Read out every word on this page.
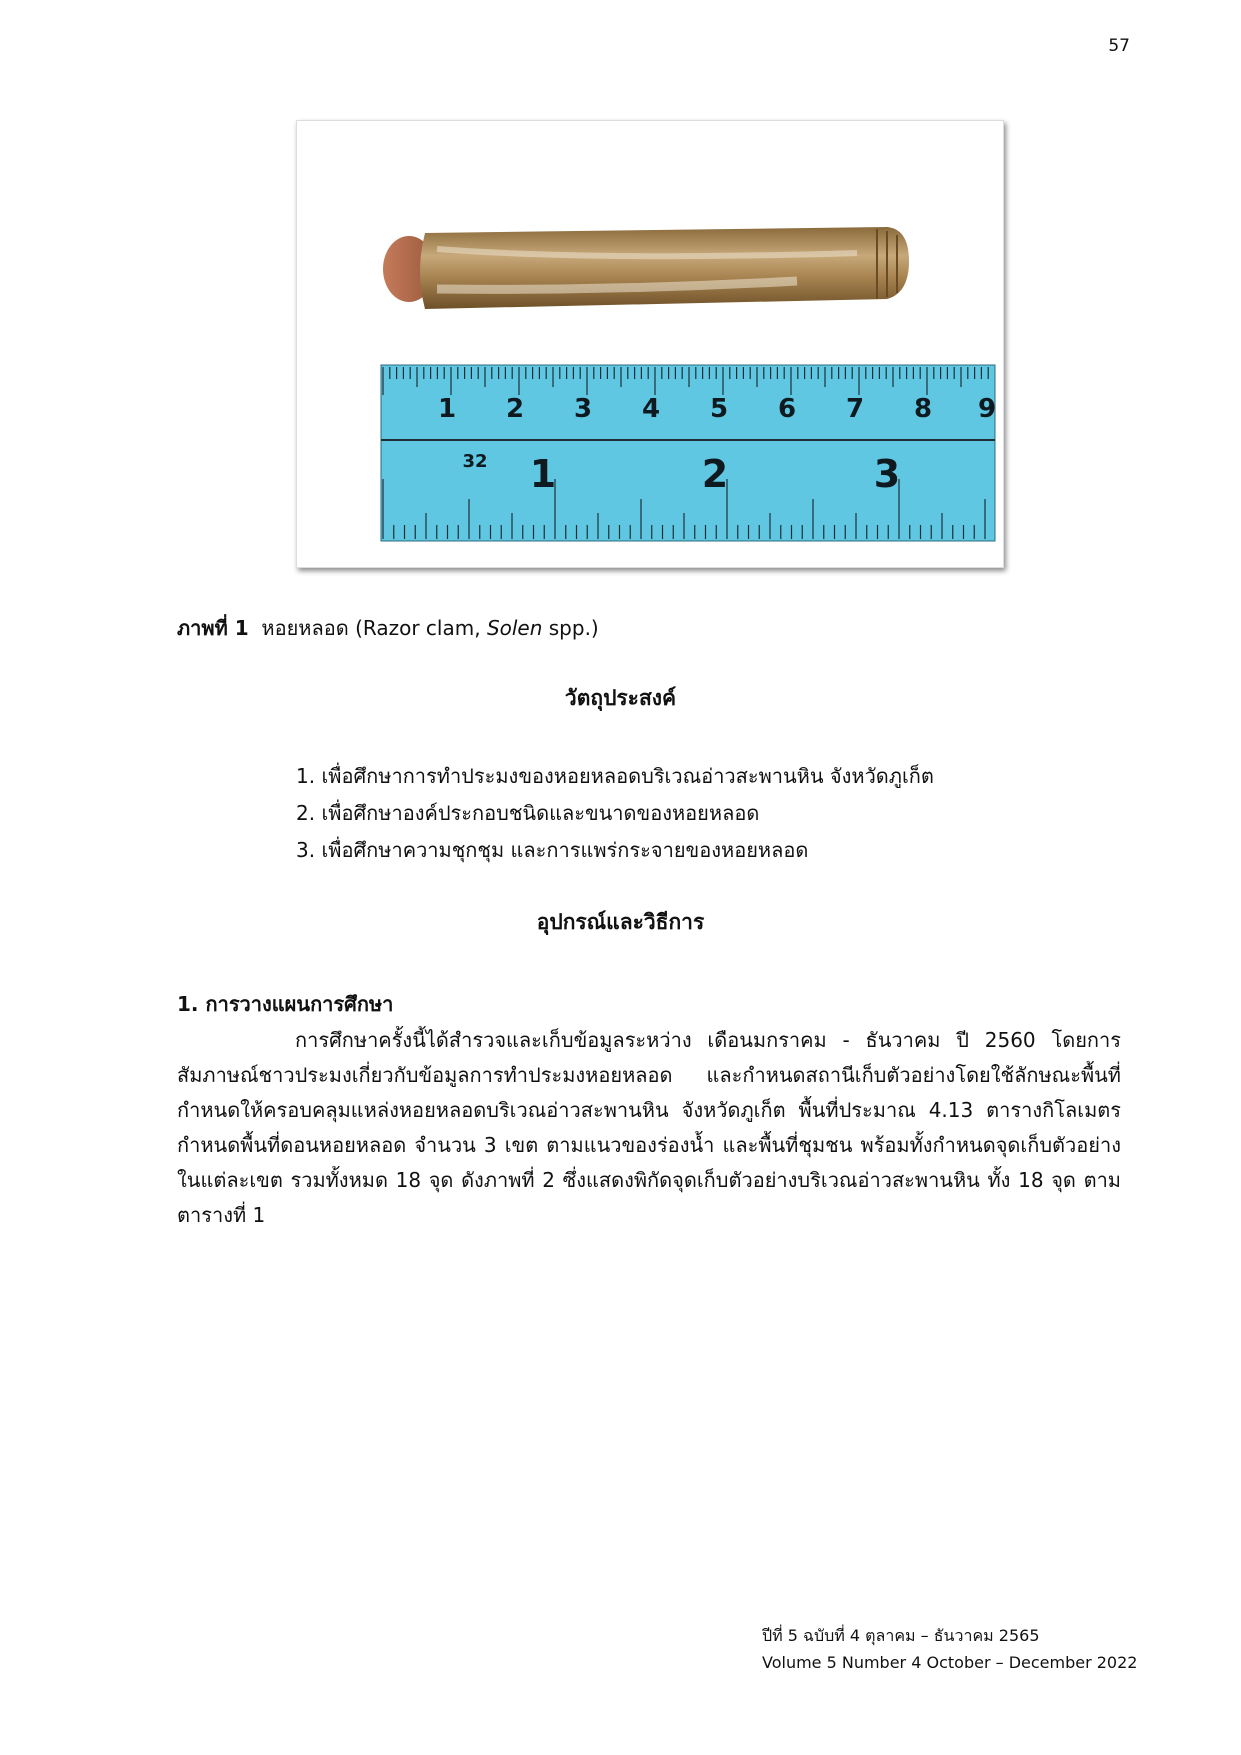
57
1 2 3 4 5 6 7 8 9
32 1	2	3
ภาพที่ 1 หอยหลอด (Razor clam, Solen spp.)
วัตถุประสงค์
1. เพื่อศึกษาการทำประมงของหอยหลอดบริเวณอ่าวสะพานหิน จังหวัดภูเก็ต
2. เพื่อศึกษาองค์ประกอบชนิดและขนาดของหอยหลอด
3. เพื่อศึกษาความชุกชุม และการแพร่กระจายของหอยหลอด
อุปกรณ์และวิธีการ
1. การวางแผนการศึกษา

การศึกษาครั้งนี้ได้สำรวจและเก็บข้อมูลระหว่าง เดือนมกราคม - ธันวาคม ปี 2560 โดยการสัมภาษณ์ชาวประมงเกี่ยวกับข้อมูลการทำประมงหอยหลอด และกำหนดสถานีเก็บตัวอย่างโดยใช้ลักษณะพื้นที่กำหนดให้ครอบคลุมแหล่งหอยหลอดบริเวณอ่าวสะพานหิน จังหวัดภูเก็ต พื้นที่ประมาณ 4.13 ตารางกิโลเมตร กำหนดพื้นที่ดอนหอยหลอด จำนวน 3 เขต ตามแนวของร่องน้ำ และพื้นที่ชุมชน พร้อมทั้งกำหนดจุดเก็บตัวอย่างในแต่ละเขต รวมทั้งหมด 18 จุด ดังภาพที่ 2 ซึ่งแสดงพิกัดจุดเก็บตัวอย่างบริเวณอ่าวสะพานหิน ทั้ง 18 จุด ตามตารางที่ 1

ปีที่ 5 ฉบับที่ 4 ตุลาคม – ธันวาคม 2565
Volume 5 Number 4 October – December 2022
